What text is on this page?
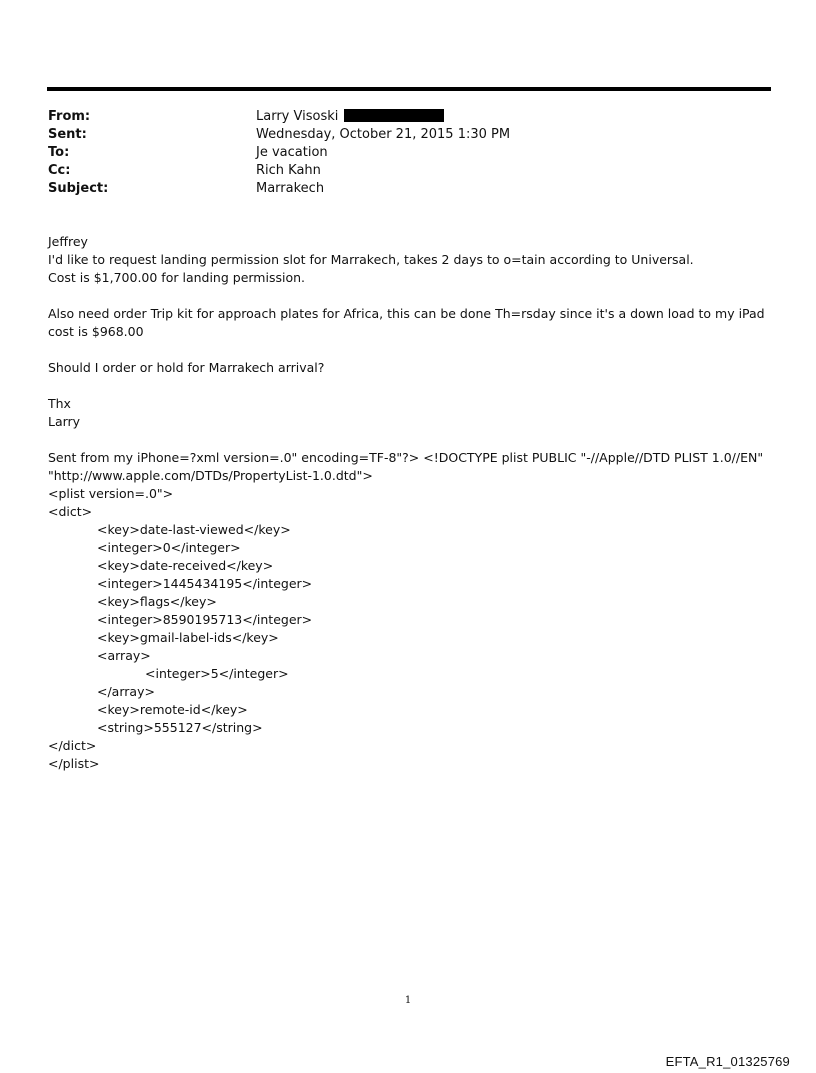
From:	Larry Visoski
Sent:	Wednesday, October 21, 2015 1:30 PM
To:	Je vacation
Cc:	Rich Kahn
Subject:	Marrakech
Jeffrey
I'd like to request landing permission slot for Marrakech, takes 2 days to o=tain according to Universal.
Cost is $1,700.00 for landing permission.
Also need order Trip kit for approach plates for Africa, this can be done Th=rsday since it's a down load to my iPad cost is $968.00
Should I order or hold for Marrakech arrival?
Thx
Larry
Sent from my iPhone=?xml version=.0" encoding=TF-8"?> <!DOCTYPE plist PUBLIC "-//Apple//DTD PLIST 1.0//EN"
"http://www.apple.com/DTDs/PropertyList-1.0.dtd">
<plist version=.0">
<dict>
<key>date-last-viewed</key>
<integer>0</integer>
<key>date-received</key>
<integer>1445434195</integer>
<key>flags</key>
<integer>8590195713</integer>
<key>gmail-label-ids</key>
<array>
<integer>5</integer>
</array>
<key>remote-id</key>
<string>555127</string>
</dict>
</plist>
1
EFTA_R1_01325769
